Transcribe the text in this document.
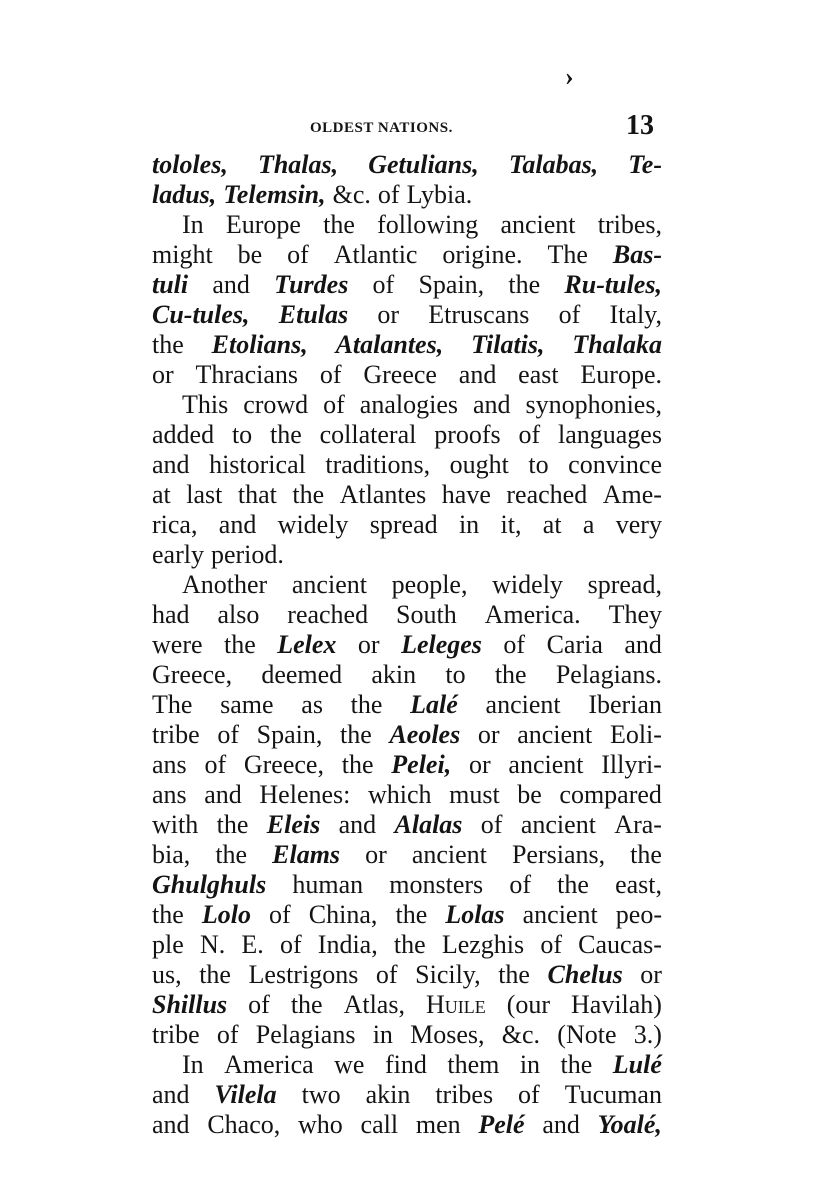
›
OLDEST NATIONS.	13
tololes, Thalas, Getulians, Talabas, Te-
ladus, Telemsin, &c. of Lybia.
In Europe the following ancient tribes,
might be of Atlantic origine. The Bas-
tuli and Turdes of Spain, the Ru-tules,
Cu-tules, Etulas or Etruscans of Italy,
the Etolians, Atalantes, Tilatis, Thalaka
or Thracians of Greece and east Europe.
This crowd of analogies and synophonies,
added to the collateral proofs of languages
and historical traditions, ought to convince
at last that the Atlantes have reached Ame-
rica, and widely spread in it, at a very
early period.
Another ancient people, widely spread,
had also reached South America. They
were the Lelex or Leleges of Caria and
Greece, deemed akin to the Pelagians.
The same as the Lalé ancient Iberian
tribe of Spain, the Aeoles or ancient Eoli-
ans of Greece, the Pelei, or ancient Illyri-
ans and Helenes: which must be compared
with the Eleis and Alalas of ancient Ara-
bia, the Elams or ancient Persians, the
Ghulghuls human monsters of the east,
the Lolo of China, the Lolas ancient peo-
ple N. E. of India, the Lezghis of Caucas-
us, the Lestrigons of Sicily, the Chelus or
Shillus of the Atlas, Huile (our Havilah)
tribe of Pelagians in Moses, &c. (Note 3.)
In America we find them in the Lulé
and Vilela two akin tribes of Tucuman
and Chaco, who call men Pelé and Yoalé,
